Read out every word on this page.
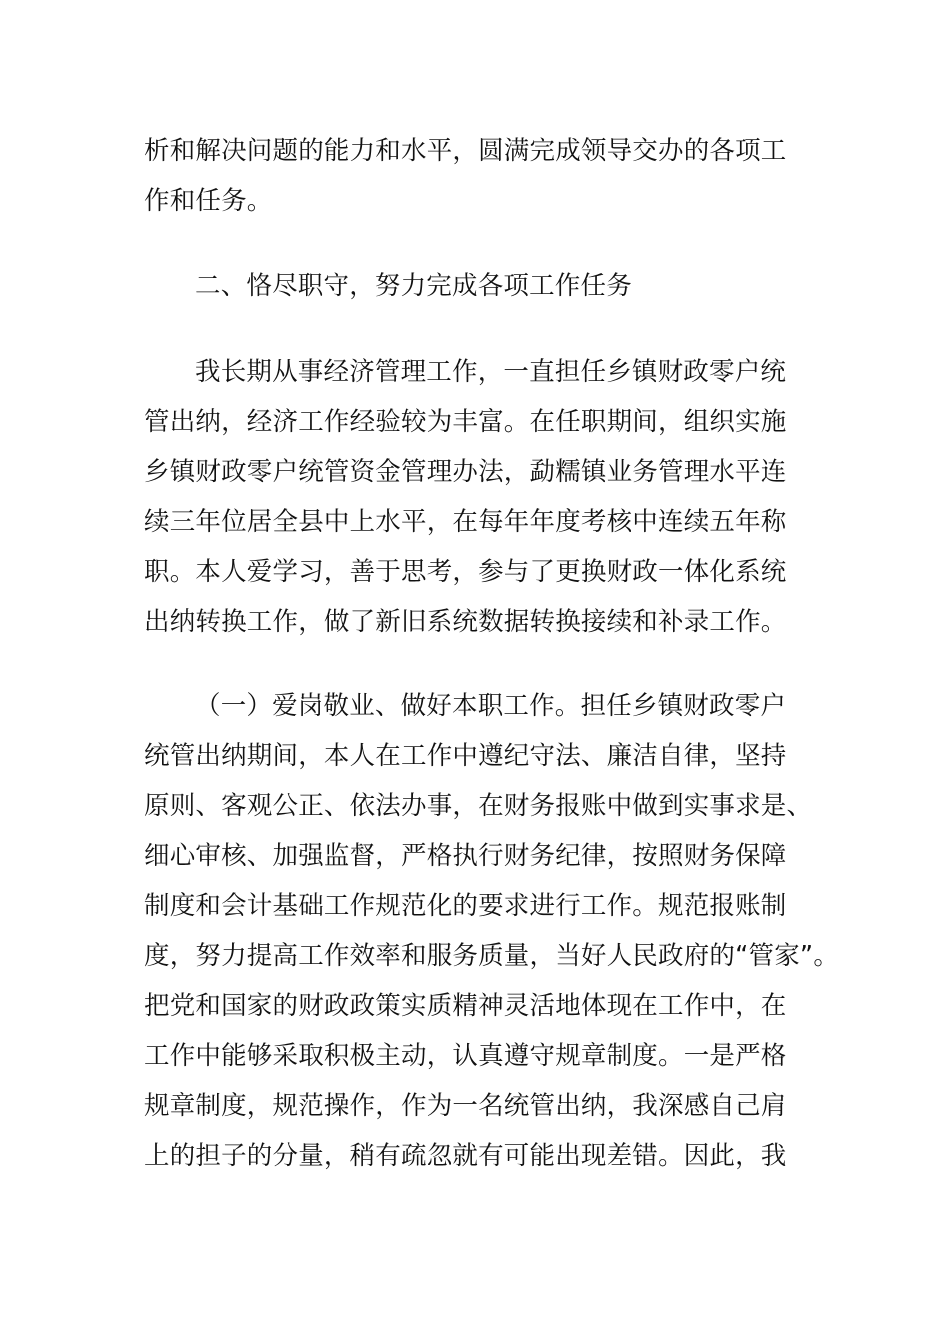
析和解决问题的能力和水平，圆满完成领导交办的各项工
作和任务。
二、恪尽职守，努力完成各项工作任务
我长期从事经济管理工作，一直担任乡镇财政零户统
管出纳，经济工作经验较为丰富。在任职期间，组织实施
乡镇财政零户统管资金管理办法，勐糯镇业务管理水平连
续三年位居全县中上水平，在每年年度考核中连续五年称
职。本人爱学习，善于思考，参与了更换财政一体化系统
出纳转换工作，做了新旧系统数据转换接续和补录工作。
（一）爱岗敬业、做好本职工作。担任乡镇财政零户
统管出纳期间，本人在工作中遵纪守法、廉洁自律，坚持
原则、客观公正、依法办事，在财务报账中做到实事求是、
细心审核、加强监督，严格执行财务纪律，按照财务保障
制度和会计基础工作规范化的要求进行工作。规范报账制
度，努力提高工作效率和服务质量，当好人民政府的“管家”。
把党和国家的财政政策实质精神灵活地体现在工作中，在
工作中能够采取积极主动，认真遵守规章制度。一是严格
规章制度，规范操作，作为一名统管出纳，我深感自己肩
上的担子的分量，稍有疏忽就有可能出现差错。因此，我
